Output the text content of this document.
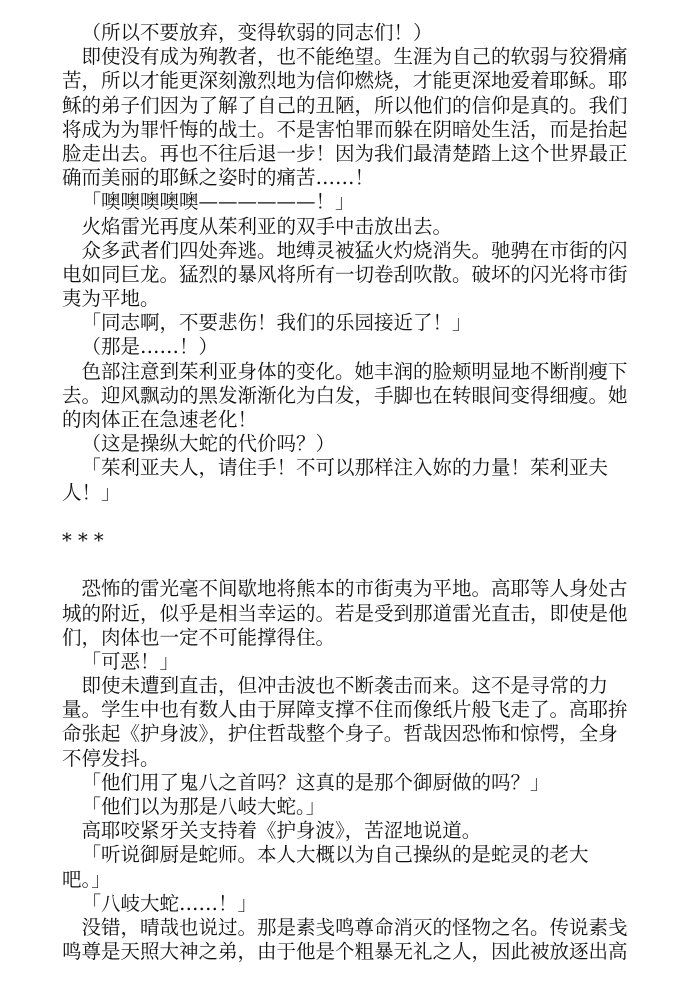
（所以不要放弃，变得软弱的同志们！）

即使没有成为殉教者，也不能绝望。生涯为自己的软弱与狡猾痛
苦，所以才能更深刻激烈地为信仰燃烧，才能更深地爱着耶稣。耶
稣的弟子们因为了解了自己的丑陋，所以他们的信仰是真的。我们
将成为为罪忏悔的战士。不是害怕罪而躲在阴暗处生活，而是抬起
脸走出去。再也不往后退一步！因为我们最清楚踏上这个世界最正
确而美丽的耶稣之姿时的痛苦……！

「噢噢噢噢噢——————！」

火焰雷光再度从茱利亚的双手中击放出去。

众多武者们四处奔逃。地缚灵被猛火灼烧消失。驰骋在市街的闪
电如同巨龙。猛烈的暴风将所有一切卷刮吹散。破坏的闪光将市街
夷为平地。

「同志啊，不要悲伤！我们的乐园接近了！」

（那是……！）

色部注意到茱利亚身体的变化。她丰润的脸颊明显地不断削瘦下
去。迎风飘动的黑发渐渐化为白发，手脚也在转眼间变得细瘦。她
的肉体正在急速老化！

（这是操纵大蛇的代价吗？）

「茱利亚夫人，请住手！不可以那样注入妳的力量！茱利亚夫
人！」

* * *

恐怖的雷光毫不间歇地将熊本的市街夷为平地。高耶等人身处古
城的附近，似乎是相当幸运的。若是受到那道雷光直击，即使是他
们，肉体也一定不可能撑得住。

「可恶！」

即使未遭到直击，但冲击波也不断袭击而来。这不是寻常的力
量。学生中也有数人由于屏障支撑不住而像纸片般飞走了。高耶拚
命张起《护身波》，护住哲哉整个身子。哲哉因恐怖和惊愕，全身
不停发抖。

「他们用了鬼八之首吗？这真的是那个御厨做的吗？」

「他们以为那是八岐大蛇。」

高耶咬紧牙关支持着《护身波》，苦涩地说道。

「听说御厨是蛇师。本人大概以为自己操纵的是蛇灵的老大
吧。」

「八岐大蛇……！」

没错，晴哉也说过。那是素戋鸣尊命消灭的怪物之名。传说素戋
鸣尊是天照大神之弟，由于他是个粗暴无礼之人，因此被放逐出高
